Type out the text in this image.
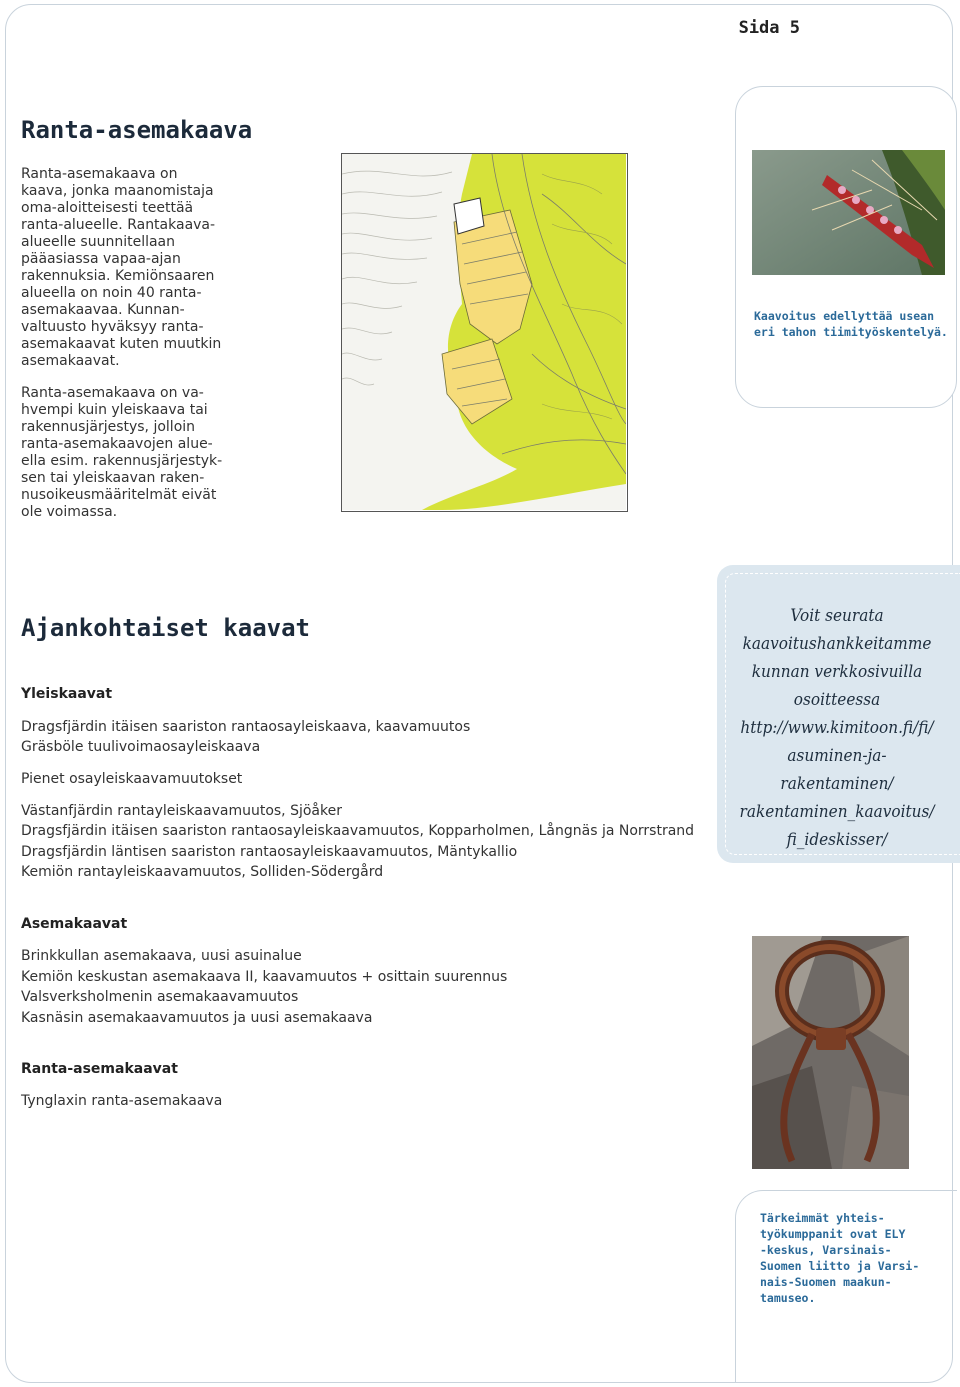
Sida 5
Ranta-asemakaava

Ranta-asemakaava on
kaava, jonka maanomistaja
oma-aloitteisesti teettää
ranta-alueelle. Rantakaava-
alueelle suunnitellaan
pääasiassa vapaa-ajan
rakennuksia. Kemiönsaaren
alueella on noin 40 ranta-
asemakaavaa. Kunnan-
valtuusto hyväksyy ranta-
asemakaavat kuten muutkin
asemakaavat.

Ranta-asemakaava on va-
hvempi kuin yleiskaava tai
rakennusjärjestys, jolloin
ranta-asemakaavojen alue-
ella esim. rakennusjärjestyk-
sen tai yleiskaavan raken-
nusoikeusmääritelmät eivät
ole voimassa.

Kaavoitus edellyttää usean
eri tahon tiimityöskentelyä.

Voit seurata
kaavoitushankkeitamme
kunnan verkkosivuilla
osoitteessa
http://www.kimitoon.fi/fi/
asuminen-ja-rakentaminen/
rakentaminen_kaavoitus/
fi_ideskisser/

Ajankohtaiset kaavat

Yleiskaavat

Dragsfjärdin itäisen saariston rantaosayleiskaava, kaavamuutos

Gräsböle tuulivoimaosayleiskaava

Pienet osayleiskaavamuutokset

Västanfjärdin rantayleiskaavamuutos, Sjöåker

Dragsfjärdin itäisen saariston rantaosayleiskaavamuutos, Kopparholmen, Långnäs ja Norrstrand

Dragsfjärdin läntisen saariston rantaosayleiskaavamuutos, Mäntykallio

Kemiön rantayleiskaavamuutos, Solliden-Södergård

Asemakaavat

Brinkkullan asemakaava, uusi asuinalue

Kemiön keskustan asemakaava II, kaavamuutos + osittain suurennus

Valsverksholmenin asemakaavamuutos

Kasnäsin asemakaavamuutos ja uusi asemakaava

Ranta-asemakaavat

Tynglaxin ranta-asemakaava

Tärkeimmät yhteis-
työkumppanit ovat ELY
-keskus, Varsinais-
Suomen liitto ja Varsi-
nais-Suomen maakun-
tamuseo.
